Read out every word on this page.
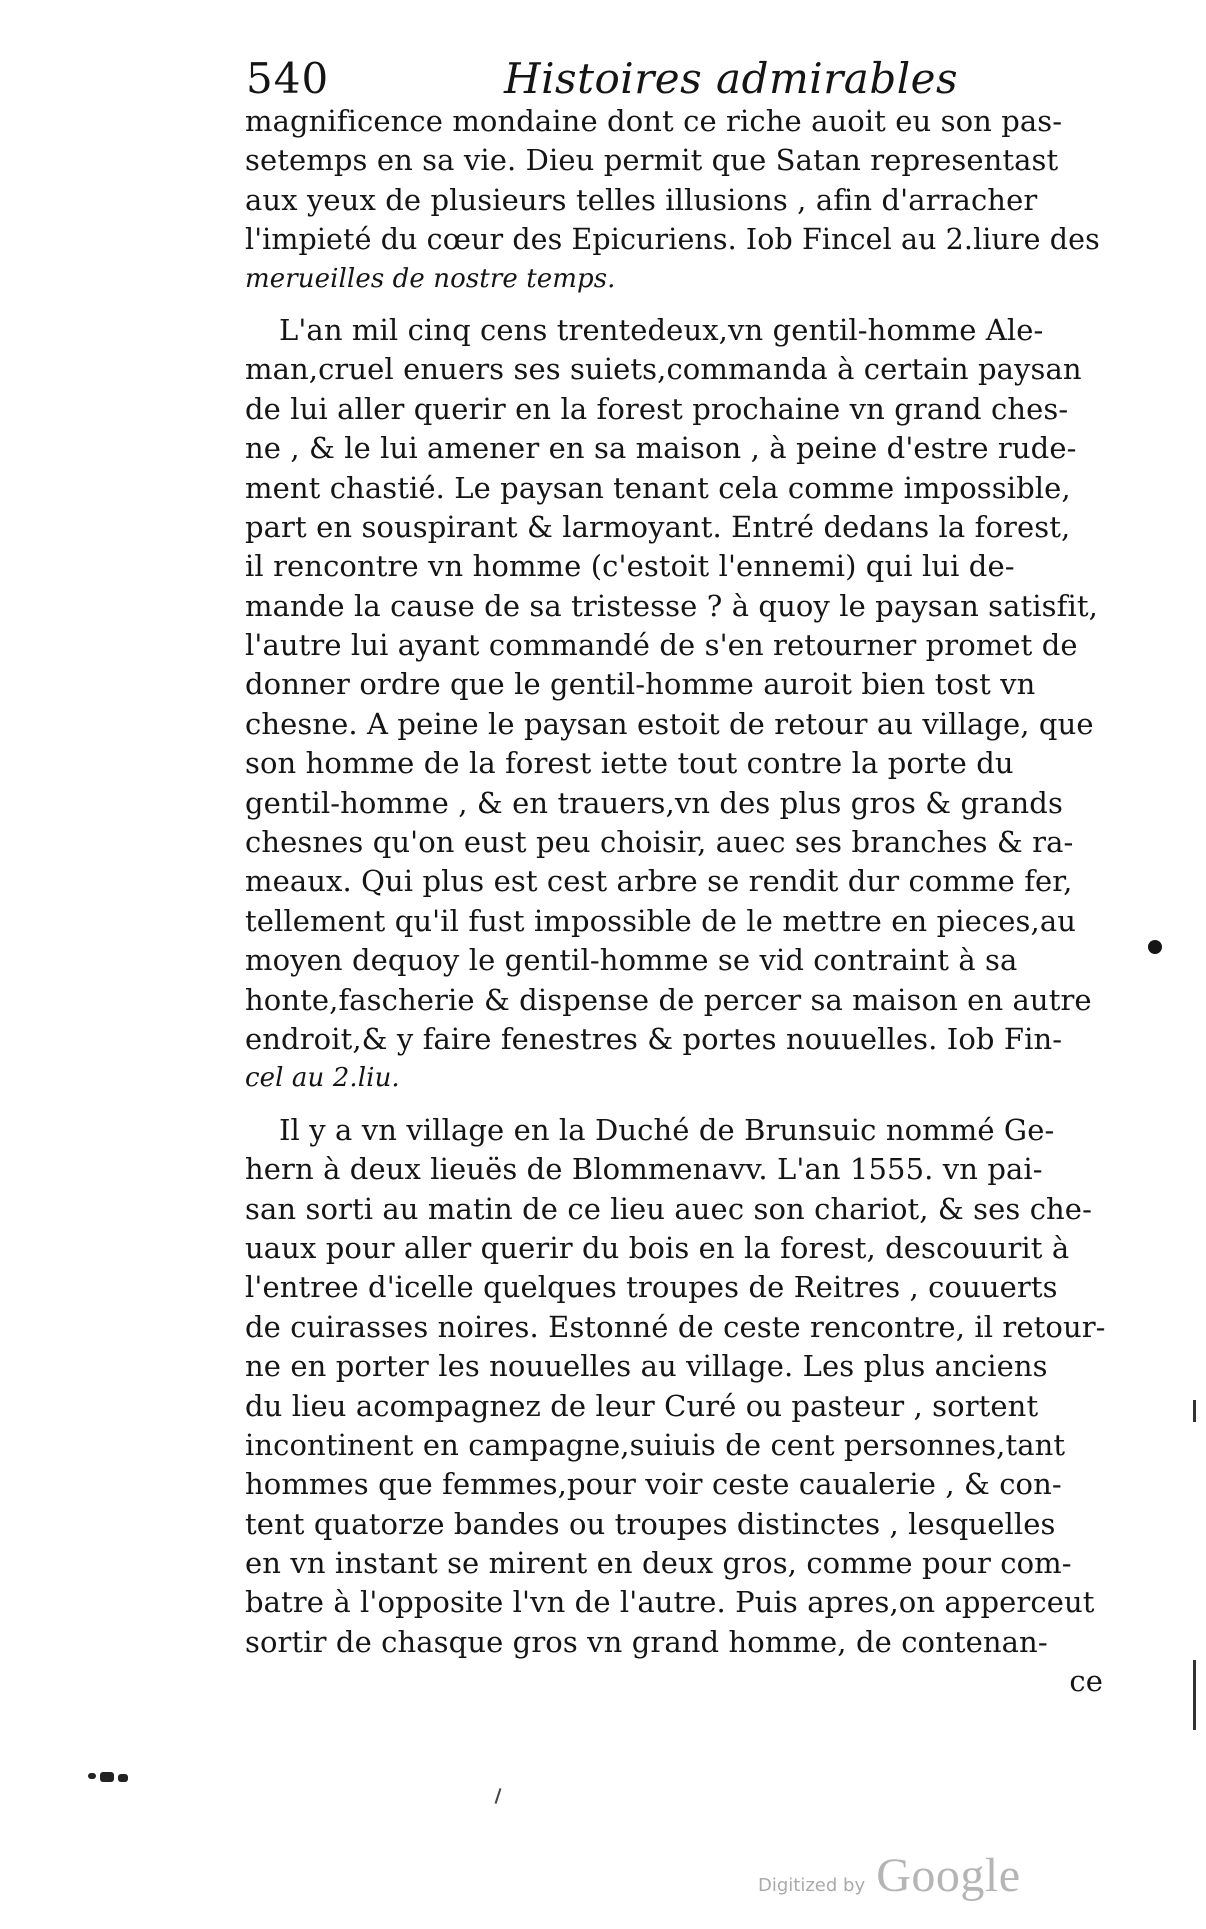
540	Histoires admirables
magnificence mondaine dont ce riche auoit eu son pas-
setemps en sa vie. Dieu permit que Satan representast
aux yeux de plusieurs telles illusions , afin d'arracher
l'impieté du cœur des Epicuriens. Iob Fincel au 2.liure des
merueilles de nostre temps.
L'an mil cinq cens trentedeux,vn gentil-homme Ale-
man,cruel enuers ses suiets,commanda à certain paysan
de lui aller querir en la forest prochaine vn grand ches-
ne , & le lui amener en sa maison , à peine d'estre rude-
ment chastié. Le paysan tenant cela comme impossible,
part en souspirant & larmoyant. Entré dedans la forest,
il rencontre vn homme (c'estoit l'ennemi) qui lui de-
mande la cause de sa tristesse ? à quoy le paysan satisfit,
l'autre lui ayant commandé de s'en retourner promet de
donner ordre que le gentil-homme auroit bien tost vn
chesne. A peine le paysan estoit de retour au village, que
son homme de la forest iette tout contre la porte du
gentil-homme , & en trauers,vn des plus gros & grands
chesnes qu'on eust peu choisir, auec ses branches & ra-
meaux. Qui plus est cest arbre se rendit dur comme fer,
tellement qu'il fust impossible de le mettre en pieces,au
moyen dequoy le gentil-homme se vid contraint à sa
honte,fascherie & dispense de percer sa maison en autre
endroit,& y faire fenestres & portes nouuelles. Iob Fin-
cel au 2.liu.
Il y a vn village en la Duché de Brunsuic nommé Ge-
hern à deux lieuës de Blommenavv. L'an 1555. vn pai-
san sorti au matin de ce lieu auec son chariot, & ses che-
uaux pour aller querir du bois en la forest, descouurit à
l'entree d'icelle quelques troupes de Reitres , couuerts
de cuirasses noires. Estonné de ceste rencontre, il retour-
ne en porter les nouuelles au village. Les plus anciens
du lieu acompagnez de leur Curé ou pasteur , sortent
incontinent en campagne,suiuis de cent personnes,tant
hommes que femmes,pour voir ceste caualerie , & con-
tent quatorze bandes ou troupes distinctes , lesquelles
en vn instant se mirent en deux gros, comme pour com-
batre à l'opposite l'vn de l'autre. Puis apres,on apperceut
sortir de chasque gros vn grand homme, de contenan-
ce
Digitized by Google
